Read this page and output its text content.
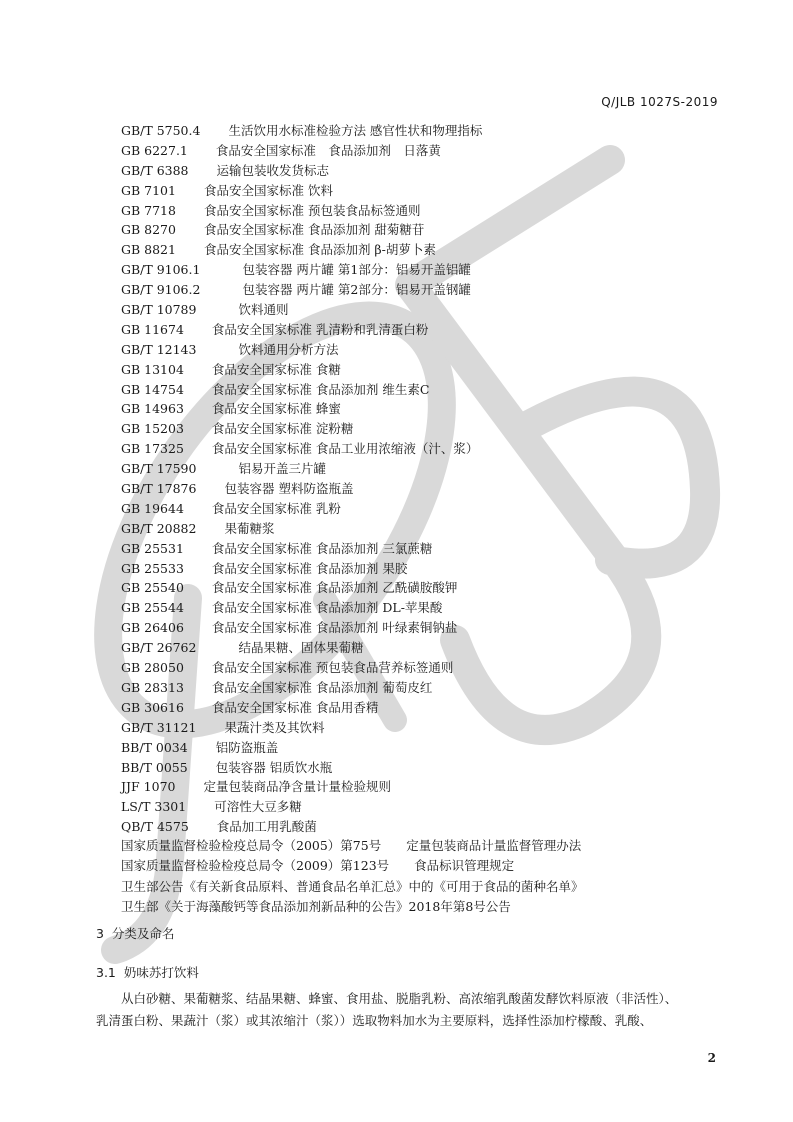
Q/JLB 1027S-2019
GB/T 5750.4 生活饮用水标准检验方法 感官性状和物理指标
GB 6227.1 食品安全国家标准　食品添加剂　日落黄
GB/T 6388 运输包装收发货标志
GB 7101 食品安全国家标准 饮料
GB 7718 食品安全国家标准 预包装食品标签通则
GB 8270 食品安全国家标准 食品添加剂 甜菊糖苷
GB 8821 食品安全国家标准 食品添加剂 β-胡萝卜素
GB/T 9106.1	包装容器 两片罐 第1部分：铝易开盖铝罐
GB/T 9106.2	包装容器 两片罐 第2部分：铝易开盖钢罐
GB/T 10789	饮料通则
GB 11674 食品安全国家标准 乳清粉和乳清蛋白粉
GB/T 12143	饮料通用分析方法
GB 13104 食品安全国家标准 食糖
GB 14754 食品安全国家标准 食品添加剂 维生素C
GB 14963 食品安全国家标准 蜂蜜
GB 15203 食品安全国家标准 淀粉糖
GB 17325 食品安全国家标准 食品工业用浓缩液（汁、浆）
GB/T 17590	铝易开盖三片罐
GB/T 17876 包装容器 塑料防盗瓶盖
GB 19644 食品安全国家标准 乳粉
GB/T 20882 果葡糖浆
GB 25531 食品安全国家标准 食品添加剂 三氯蔗糖
GB 25533 食品安全国家标准 食品添加剂 果胶
GB 25540 食品安全国家标准 食品添加剂 乙酰磺胺酸钾
GB 25544 食品安全国家标准 食品添加剂 DL-苹果酸
GB 26406 食品安全国家标准 食品添加剂 叶绿素铜钠盐
GB/T 26762	结晶果糖、固体果葡糖
GB 28050 食品安全国家标准 预包装食品营养标签通则
GB 28313 食品安全国家标准 食品添加剂 葡萄皮红
GB 30616 食品安全国家标准 食品用香精
GB/T 31121 果蔬汁类及其饮料
BB/T 0034 铝防盗瓶盖
BB/T 0055 包装容器 铝质饮水瓶
JJF 1070 定量包装商品净含量计量检验规则
LS/T 3301 可溶性大豆多糖
QB/T 4575 食品加工用乳酸菌
国家质量监督检验检疫总局令（2005）第75号　　定量包装商品计量监督管理办法
国家质量监督检验检疫总局令（2009）第123号　　食品标识管理规定
卫生部公告《有关新食品原料、普通食品名单汇总》中的《可用于食品的菌种名单》
卫生部《关于海藻酸钙等食品添加剂新品种的公告》2018年第8号公告
3 分类及命名
3.1 奶味苏打饮料
从白砂糖、果葡糖浆、结晶果糖、蜂蜜、食用盐、脱脂乳粉、高浓缩乳酸菌发酵饮料原液（非活性）、
乳清蛋白粉、果蔬汁（浆）或其浓缩汁（浆））选取物料加水为主要原料，选择性添加柠檬酸、乳酸、
2
